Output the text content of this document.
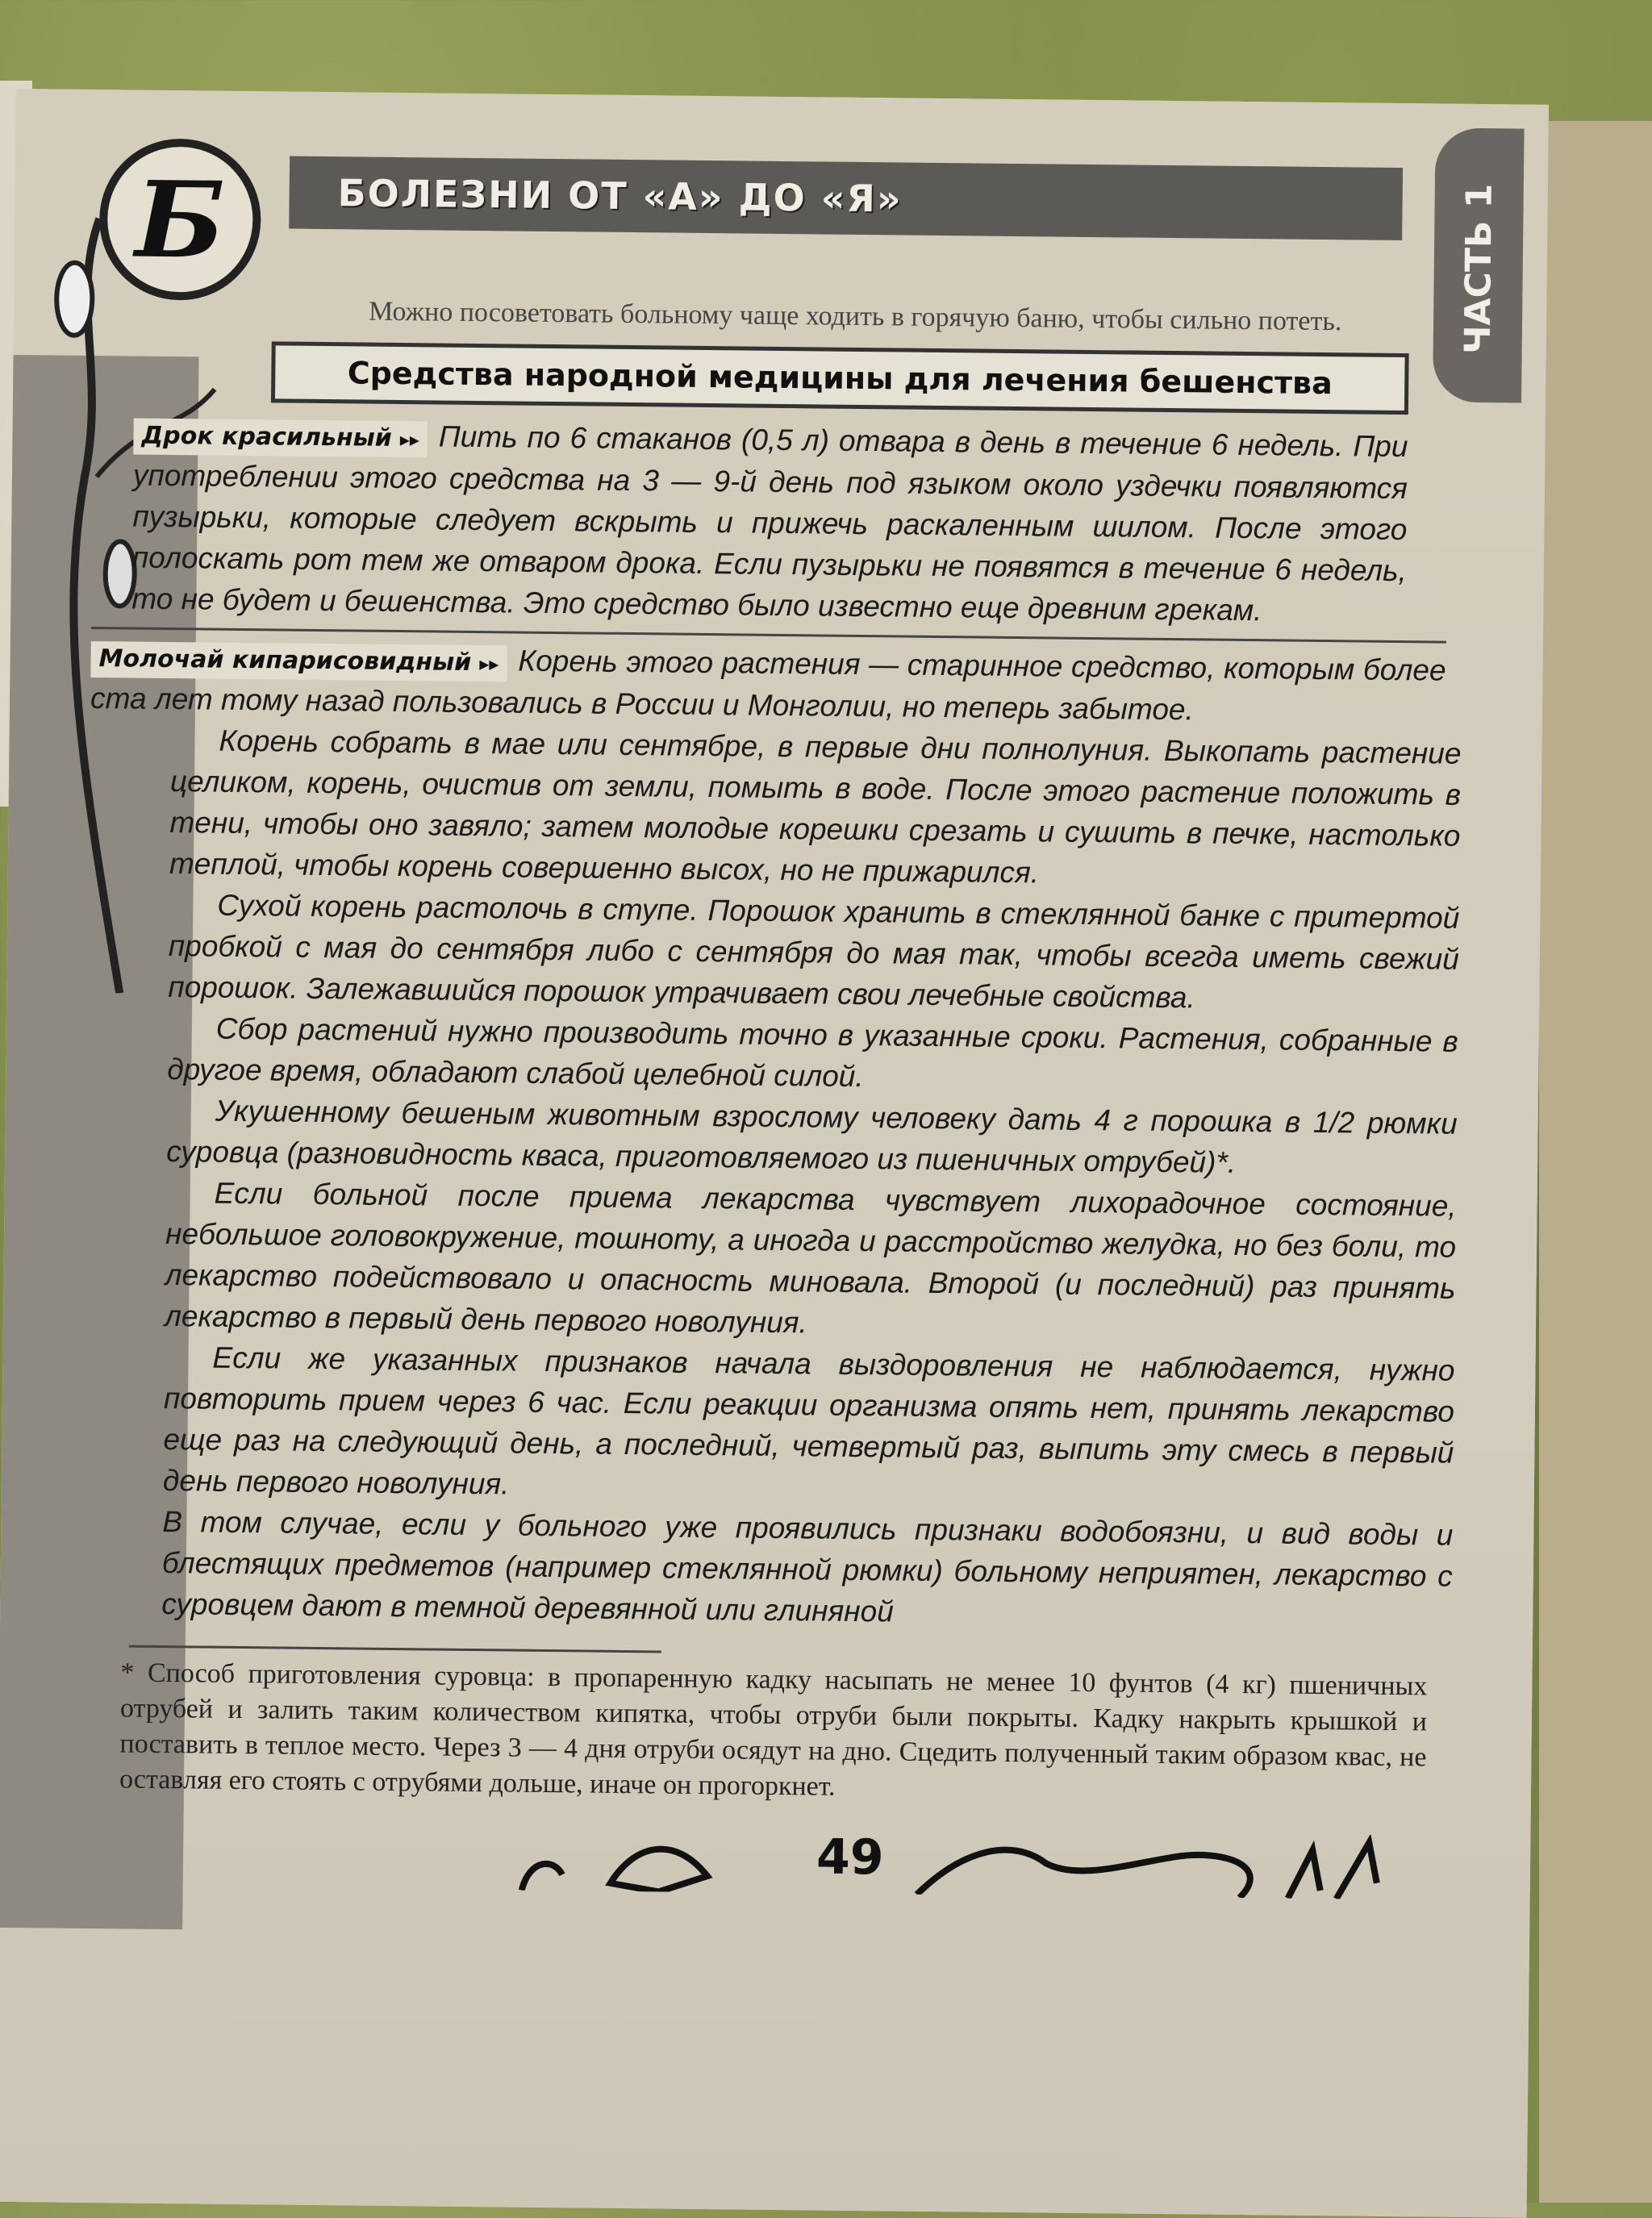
Б	БОЛЕЗНИ ОТ «А» ДО «Я»	ЧАСТЬ 1
Можно посоветовать больному чаще ходить в горячую баню, чтобы сильно потеть.
Средства народной медицины для лечения бешенства

Дрок красильный ▸▸ Пить по 6 стаканов (0,5 л) отвара в день в течение 6 недель. При употреблении этого средства на 3 — 9-й день под языком около уздечки появляются пузырьки, которые следует вскрыть и прижечь раскаленным шилом. После этого полоскать рот тем же отваром дрока. Если пузырьки не появятся в течение 6 недель, то не будет и бешенства. Это средство было известно еще древним грекам.

Молочай кипарисовидный ▸▸ Корень этого растения — старинное средство, которым более ста лет тому назад пользовались в России и Монголии, но теперь забытое.

Корень собрать в мае или сентябре, в первые дни полнолуния. Выкопать растение целиком, корень, очистив от земли, помыть в воде. После этого растение положить в тени, чтобы оно завяло; затем молодые корешки срезать и сушить в печке, настолько теплой, чтобы корень совершенно высох, но не прижарился.

Сухой корень растолочь в ступе. Порошок хранить в стеклянной банке с притертой пробкой с мая до сентября либо с сентября до мая так, чтобы всегда иметь свежий порошок. Залежавшийся порошок утрачивает свои лечебные свойства.

Сбор растений нужно производить точно в указанные сроки. Растения, собранные в другое время, обладают слабой целебной силой.

Укушенному бешеным животным взрослому человеку дать 4 г порошка в 1/2 рюмки суровца (разновидность кваса, приготовляемого из пшеничных отрубей)*.

Если больной после приема лекарства чувствует лихорадочное состояние, небольшое головокружение, тошноту, а иногда и расстройство желудка, но без боли, то лекарство подействовало и опасность миновала. Второй (и последний) раз принять лекарство в первый день первого новолуния.

Если же указанных признаков начала выздоровления не наблюдается, нужно повторить прием через 6 час. Если реакции организма опять нет, принять лекарство еще раз на следующий день, а последний, четвертый раз, выпить эту смесь в первый день первого новолуния.

В том случае, если у больного уже проявились признаки водобоязни, и вид воды и блестящих предметов (например стеклянной рюмки) больному неприятен, лекарство с суровцем дают в темной деревянной или глиняной

* Способ приготовления суровца: в пропаренную кадку насыпать не менее 10 фунтов (4 кг) пшеничных отрубей и залить таким количеством кипятка, чтобы отруби были покрыты. Кадку накрыть крышкой и поставить в теплое место. Через 3 — 4 дня отруби осядут на дно. Сцедить полученный таким образом квас, не оставляя его стоять с отрубями дольше, иначе он прогоркнет.
49
